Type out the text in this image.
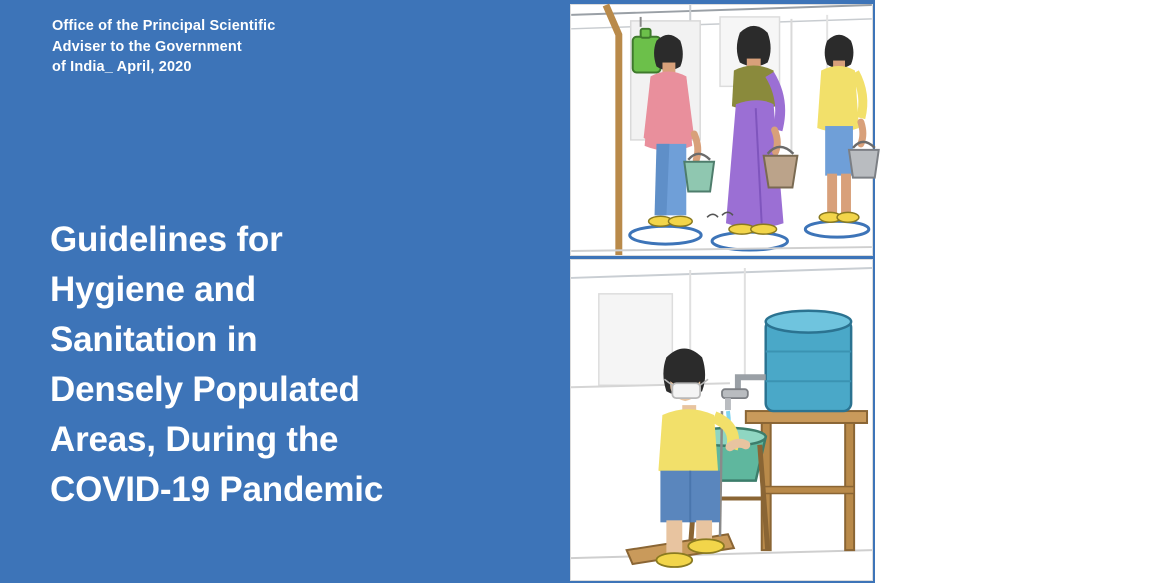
Office of the Principal Scientific
Adviser to the Government
of India_ April, 2020
Guidelines for
Hygiene and
Sanitation in
Densely Populated
Areas, During the
COVID-19 Pandemic
ालय
